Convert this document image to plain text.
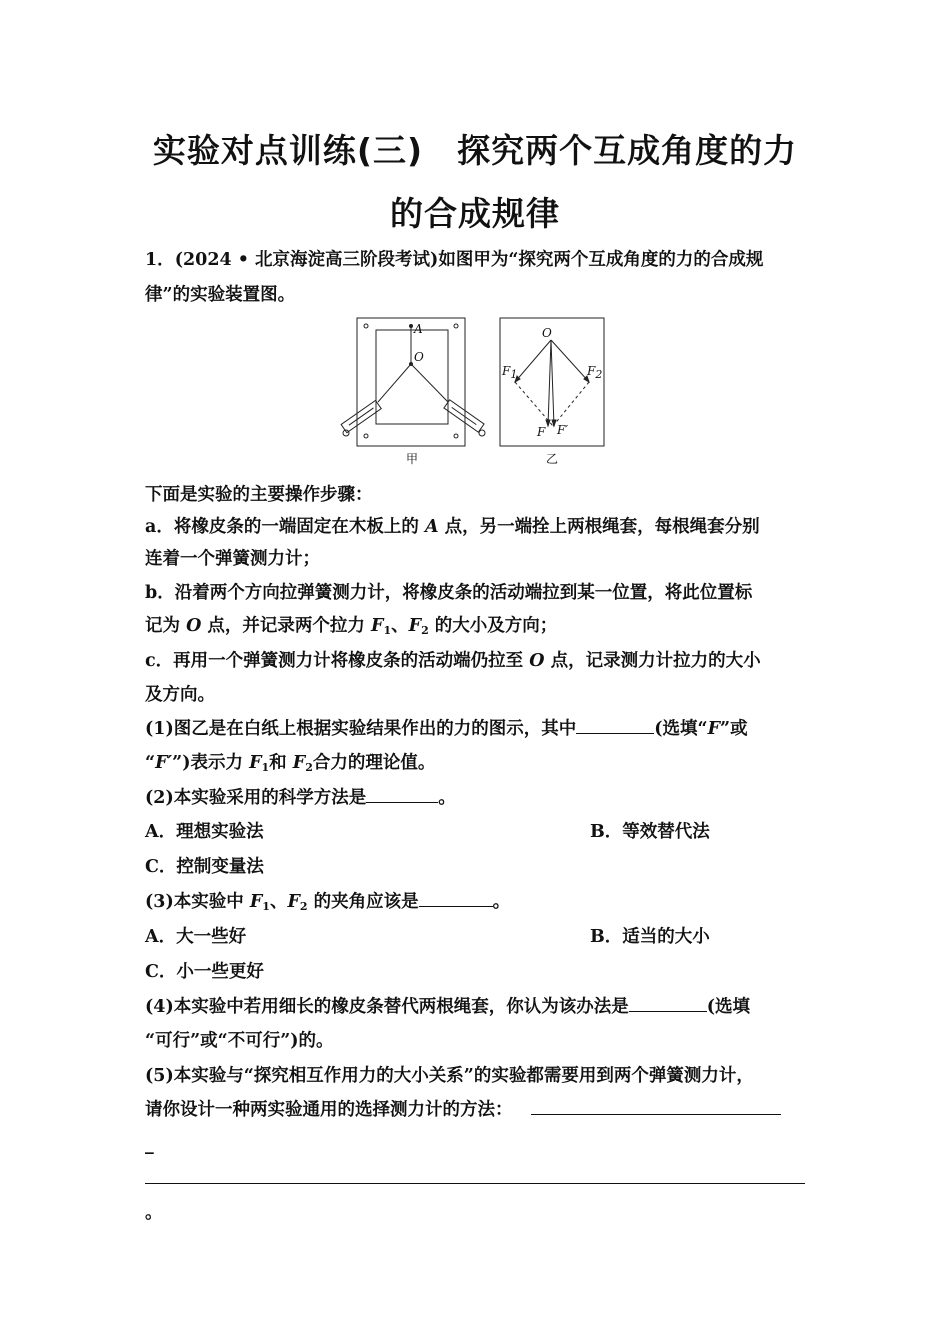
实验对点训练(三)　探究两个互成角度的力
的合成规律
1．(2024 • 北京海淀高三阶段考试)如图甲为“探究两个互成角度的力的合成规
律”的实验装置图。
A
O
O
$F_1$	$F_2$
F F′
甲	乙
下面是实验的主要操作步骤：
a．将橡皮条的一端固定在木板上的 A 点，另一端拴上两根绳套，每根绳套分别
连着一个弹簧测力计；
b．沿着两个方向拉弹簧测力计，将橡皮条的活动端拉到某一位置，将此位置标
记为 O 点，并记录两个拉力 $F_1$、$F_2$ 的大小及方向；
c．再用一个弹簧测力计将橡皮条的活动端仍拉至 O 点，记录测力计拉力的大小
及方向。
(1)图乙是在白纸上根据实验结果作出的力的图示，其中	(选填“F”或
“F′”)表示力 $F_1$和 $F_2$合力的理论值。
(2)本实验采用的科学方法是	。
A．理想实验法	B．等效替代法
C．控制变量法
(3)本实验中 $F_1$、$F_2$ 的夹角应该是	。
A．大一些好	B．适当的大小
C．小一些更好
(4)本实验中若用细长的橡皮条替代两根绳套，你认为该办法是	(选填
“可行”或“不可行”)的。
(5)本实验与“探究相互作用力的大小关系”的实验都需要用到两个弹簧测力计，
请你设计一种两实验通用的选择测力计的方法：
_
。
